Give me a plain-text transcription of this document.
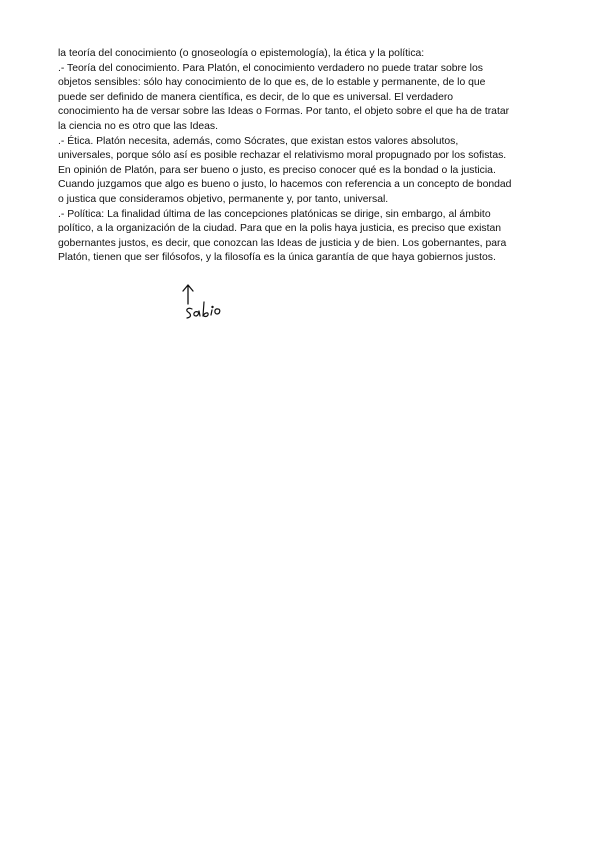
la teoría del conocimiento (o gnoseología o epistemología), la ética y la política:
.- Teoría del conocimiento. Para Platón, el conocimiento verdadero no puede tratar sobre los
objetos sensibles: sólo hay conocimiento de lo que es, de lo estable y permanente, de lo que
puede ser definido de manera científica, es decir, de lo que es universal. El verdadero
conocimiento ha de versar sobre las Ideas o Formas. Por tanto, el objeto sobre el que ha de tratar
la ciencia no es otro que las Ideas.
.- Ética. Platón necesita, además, como Sócrates, que existan estos valores absolutos,
universales, porque sólo así es posible rechazar el relativismo moral propugnado por los sofistas.
En opinión de Platón, para ser bueno o justo, es preciso conocer qué es la bondad o la justicia.
Cuando juzgamos que algo es bueno o justo, lo hacemos con referencia a un concepto de bondad
o justica que consideramos objetivo, permanente y, por tanto, universal.
.- Política: La finalidad última de las concepciones platónicas se dirige, sin embargo, al ámbito
político, a la organización de la ciudad. Para que en la polis haya justicia, es preciso que existan
gobernantes justos, es decir, que conozcan las Ideas de justicia y de bien. Los gobernantes, para
Platón, tienen que ser filósofos, y la filosofía es la única garantía de que haya gobiernos justos.
